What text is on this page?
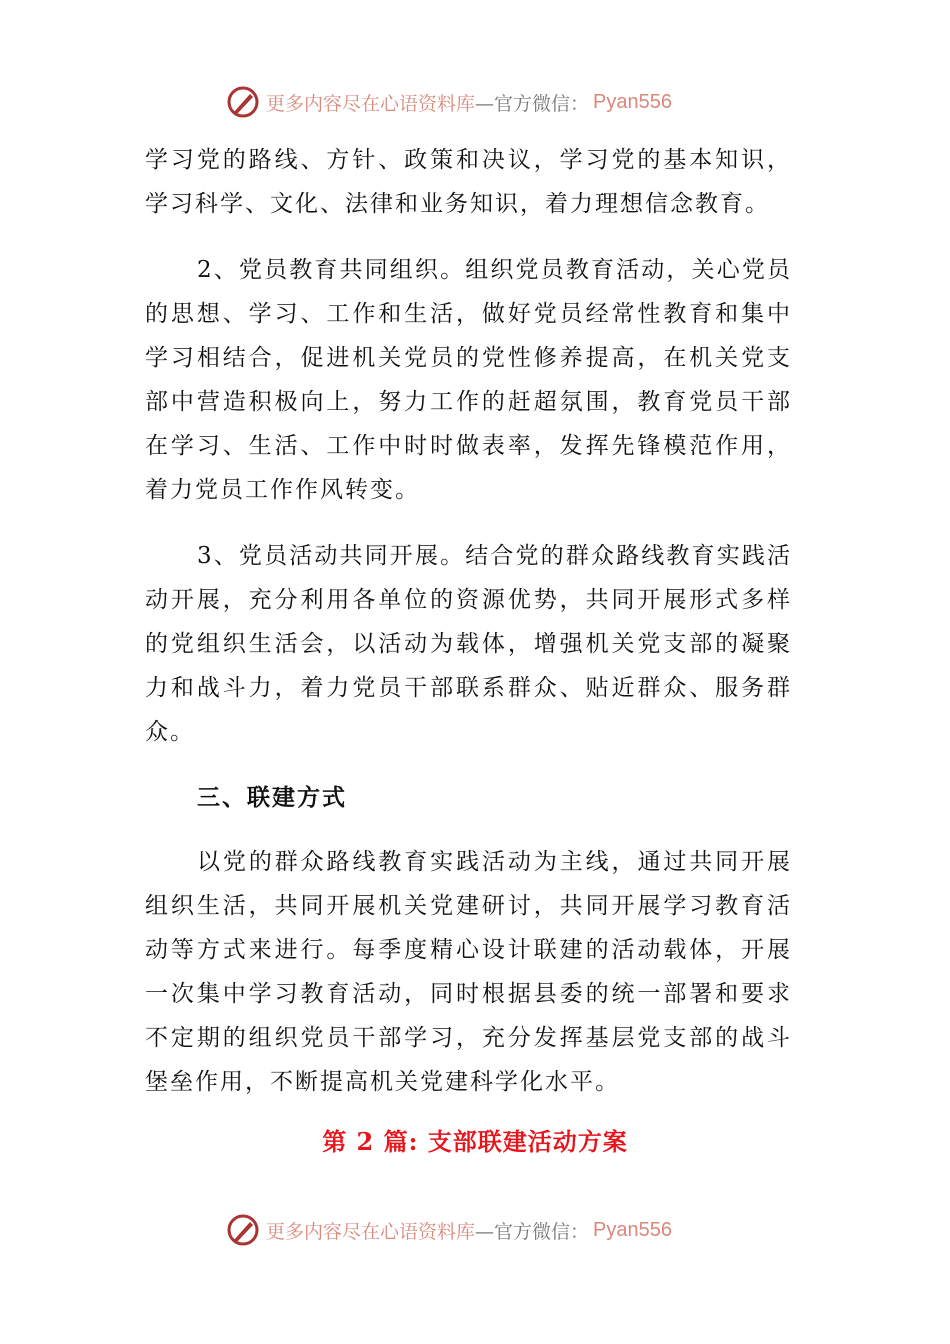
更多内容尽在心语资料库 —官方微信： Pyan556
学习党的路线、方针、政策和决议，学习党的基本知识，
学习科学、文化、法律和业务知识，着力理想信念教育。
2、党员教育共同组织。组织党员教育活动，关心党员
的思想、学习、工作和生活，做好党员经常性教育和集中
学习相结合，促进机关党员的党性修养提高，在机关党支
部中营造积极向上，努力工作的赶超氛围，教育党员干部
在学习、生活、工作中时时做表率，发挥先锋模范作用，
着力党员工作作风转变。
3、党员活动共同开展。结合党的群众路线教育实践活
动开展，充分利用各单位的资源优势，共同开展形式多样
的党组织生活会，以活动为载体，增强机关党支部的凝聚
力和战斗力，着力党员干部联系群众、贴近群众、服务群
众。
三、联建方式
以党的群众路线教育实践活动为主线，通过共同开展
组织生活，共同开展机关党建研讨，共同开展学习教育活
动等方式来进行。每季度精心设计联建的活动载体，开展
一次集中学习教育活动，同时根据县委的统一部署和要求
不定期的组织党员干部学习，充分发挥基层党支部的战斗
堡垒作用，不断提高机关党建科学化水平。
第 2 篇: 支部联建活动方案
更多内容尽在心语资料库 —官方微信： Pyan556
